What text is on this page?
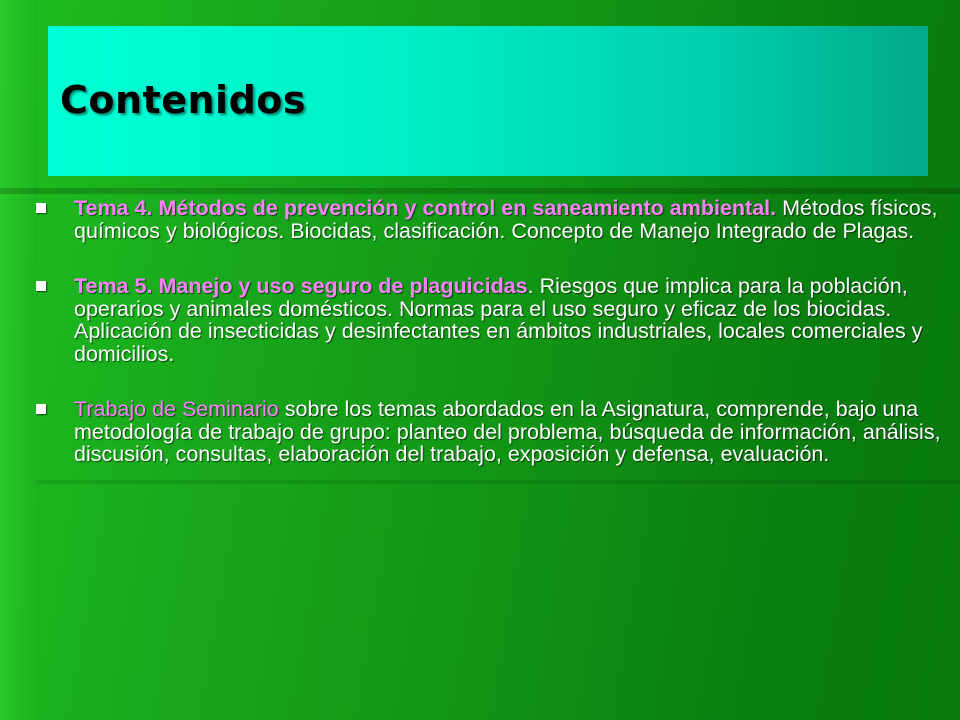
Contenidos
Tema 4. Métodos de prevención y control en saneamiento ambiental. Métodos físicos, químicos y biológicos. Biocidas, clasificación. Concepto de Manejo Integrado de Plagas.
Tema 5. Manejo y uso seguro de plaguicidas. Riesgos que implica para la población, operarios y animales domésticos. Normas para el uso seguro y eficaz de los biocidas. Aplicación de insecticidas y desinfectantes en ámbitos industriales, locales comerciales y domicilios.
Trabajo de Seminario sobre los temas abordados en la Asignatura, comprende, bajo una metodología de trabajo de grupo: planteo del problema, búsqueda de información, análisis, discusión, consultas, elaboración del trabajo, exposición y defensa, evaluación.
